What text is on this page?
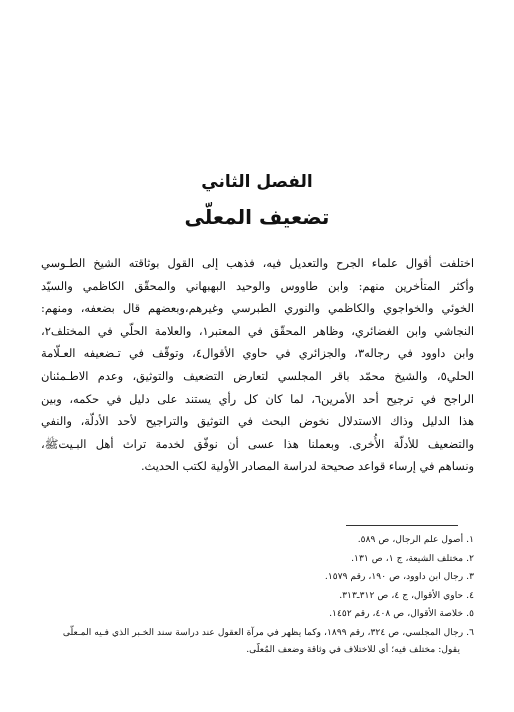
الفصل الثاني
تضعيف المعلّى
اختلفت أقوال علماء الجرح والتعديل فيه، فذهب إلى القول بوثاقته الشيخ الطـوسي
وأكثر المتأخرين منهم: وابن طاووس والوحيد البهبهاني والمحقّق الكاظمي والسيّد
الخوئي والخواجوي والكاظمي والنوري الطبرسي وغيرهم،وبعضهم قال بضعفه، ومنهم:
النجاشي وابن الغضائري، وظاهر المحقّق في المعتبر١، والعلامة الحلّي في المختلف٢،
وابن داوود في رجاله٣، والجزائري في حاوي الأقوال٤، وتوقّف في تـضعيفه العـلّامة
الحلي٥، والشيخ محمّد باقر المجلسي لتعارض التضعيف والتوثيق، وعدم الاطـمئنان
الراجح في ترجيح أحد الأمرين٦، لما كان كل رأي يستند على دليل في حكمه، وبين
هذا الدليل وذاك الاستدلال نخوض البحث في التوثيق والتراجيح لأحد الأدلّة، والنفي
والتضعيف للأدلّة الأُخرى. وبعملنا هذا عسى أن نوفّق لخدمة تراث أهل البـيتﷺ،
ونساهم في إرساء قواعد صحيحة لدراسة المصادر الأولية لكتب الحديث.
١. أصول علم الرجال، ص ٥٨٩.
٢. مختلف الشيعة، ج ١، ص ١٣١.
٣. رجال ابن داوود، ص ١٩٠، رقم ١٥٧٩.
٤. حاوي الأقوال، ج ٤، ص ٣١٢ـ٣١٣.
٥. خلاصة الأقوال، ص ٤٠٨، رقم ١٤٥٢.
٦. رجال المجلسي، ص ٣٢٤، رقم ١٨٩٩، وكما يظهر في مرآة العقول عند دراسة سند الخـبر الذي فـيه المـعلّى
يقول: مختلف فيه؛ أي للاختلاف في وثاقة وضعف المُعلّى.
